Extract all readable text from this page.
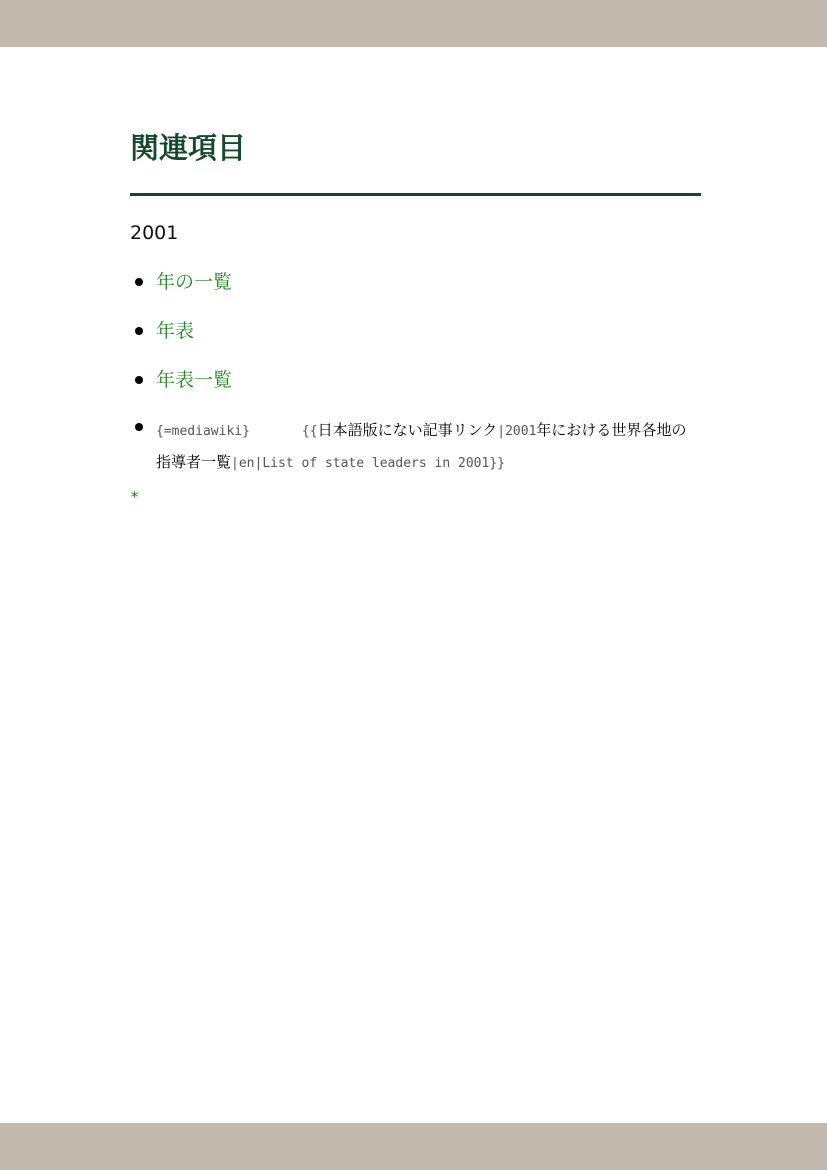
関連項目
2001
年の一覧
年表
年表一覧
{=mediawiki}	{{日本語版にない記事リンク|2001年における世界各地の指導者一覧|en|List of state leaders in 2001}}
*
